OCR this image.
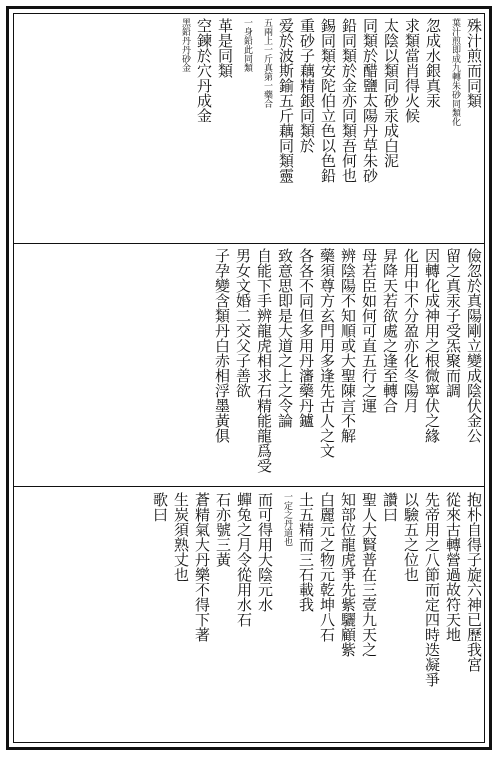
殊汁煎而同類
葉汁煎即成九轉朱砂同類化
忽成水銀真汞
求類當肖得火候
太陰以類同砂汞成白泥
同類於醋鹽太陽丹草朱砂
鉛同類於金亦同類吾何也
錫同類安陀伯立色以色鉛
重砂子藕精銀同類於
爱於波斯鍮五斤藕同類靈
五兩上一斤真第一藥合
一身鉛此同類
革是同類
空鍊於穴丹成金
黑鉛丹丹砂金
儉忽於真陽剛立變成陰伏金公
留之真汞子受炁聚而調
因轉化成神用之根微寧伏之緣
化用中不分盈亦化冬陽月
昇降天若欲處之逢至轉合
母若臣如何可直五行之運
辨陰陽不知順或大聖陳言不解
藥須尊方玄門用多逢先古人之文
各各不同但多用丹瀋藥丹鑪
致意思即是大道之上之令論
自能下手辨龍虎相求石精能龍爲受
男女文婚二交父子善欲
子孕變含類丹白赤相浮墨黃俱
抱朴自得子旋六神已歷我宮
從來古轉營過故符天地
先帝用之八節而定四時迭凝爭
以驗五之位也
讚曰
聖人大賢普在三壹九天之
知部位龍虎爭先紫驪顧紫
白麗元之物元乾坤八石
土五精而三石載我
一定之丹道也
而可得用大陰元水
蟬兔之月令從用水石
石亦號三黃
蒼精氣大丹樂不得下著
生炭須熟丈也
歌曰
